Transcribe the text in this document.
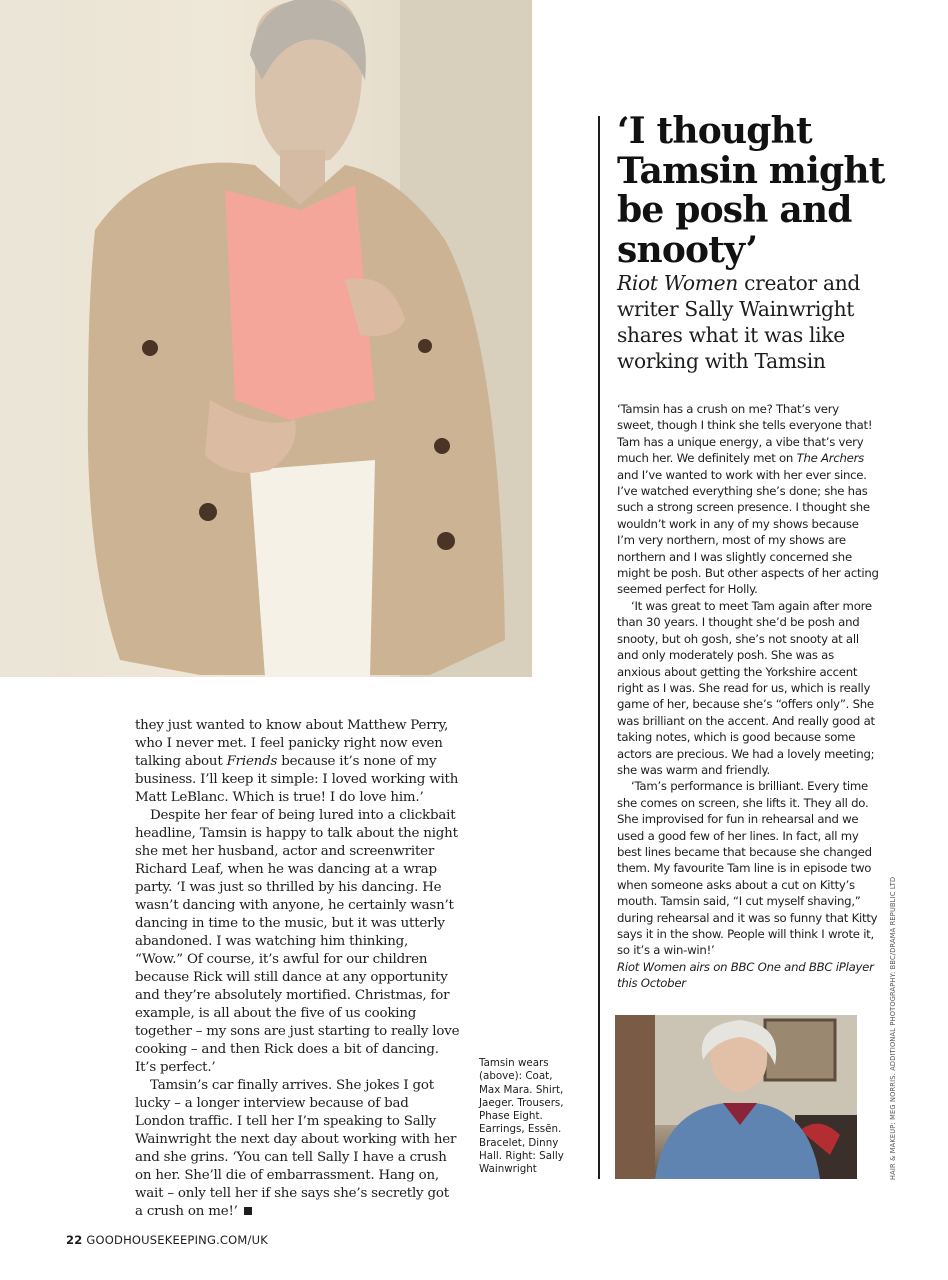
they just wanted to know about Matthew Perry, who I never met. I feel panicky right now even talking about Friends because it’s none of my business. I’ll keep it simple: I loved working with Matt LeBlanc. Which is true! I do love him.’

Despite her fear of being lured into a clickbait headline, Tamsin is happy to talk about the night she met her husband, actor and screenwriter Richard Leaf, when he was dancing at a wrap party. ‘I was just so thrilled by his dancing. He wasn’t dancing with anyone, he certainly wasn’t dancing in time to the music, but it was utterly abandoned. I was watching him thinking, “Wow.” Of course, it’s awful for our children because Rick will still dance at any opportunity and they’re absolutely mortified. Christmas, for example, is all about the five of us cooking together – my sons are just starting to really love cooking – and then Rick does a bit of dancing. It’s perfect.’

Tamsin’s car finally arrives. She jokes I got lucky – a longer interview because of bad London traffic. I tell her I’m speaking to Sally Wainwright the next day about working with her and she grins. ‘You can tell Sally I have a crush on her. She’ll die of embarrassment. Hang on, wait – only tell her if she says she’s secretly got a crush on me!’

Tamsin wears (above): Coat, Max Mara. Shirt, Jaeger. Trousers, Phase Eight. Earrings, Essēn. Bracelet, Dinny Hall. Right: Sally Wainwright
‘I thought Tamsin might be posh and snooty’

Riot Women creator and writer Sally Wainwright shares what it was like working with Tamsin

‘Tamsin has a crush on me? That’s very sweet, though I think she tells everyone that! Tam has a unique energy, a vibe that’s very much her. We definitely met on The Archers and I’ve wanted to work with her ever since. I’ve watched everything she’s done; she has such a strong screen presence. I thought she wouldn’t work in any of my shows because I’m very northern, most of my shows are northern and I was slightly concerned she might be posh. But other aspects of her acting seemed perfect for Holly.

‘It was great to meet Tam again after more than 30 years. I thought she’d be posh and snooty, but oh gosh, she’s not snooty at all and only moderately posh. She was as anxious about getting the Yorkshire accent right as I was. She read for us, which is really game of her, because she’s “offers only”. She was brilliant on the accent. And really good at taking notes, which is good because some actors are precious. We had a lovely meeting; she was warm and friendly.

‘Tam’s performance is brilliant. Every time she comes on screen, she lifts it. They all do. She improvised for fun in rehearsal and we used a good few of her lines. In fact, all my best lines became that because she changed them. My favourite Tam line is in episode two when someone asks about a cut on Kitty’s mouth. Tamsin said, “I cut myself shaving,” during rehearsal and it was so funny that Kitty says it in the show. People will think I wrote it, so it’s a win-win!’

Riot Women airs on BBC One and BBC iPlayer this October	HAIR & MAKEUP: MEG NORRIS. ADDITIONAL PHOTOGRAPHY: BBC/DRAMA REPUBLIC LTD
22 GOODHOUSEKEEPING.COM/UK
